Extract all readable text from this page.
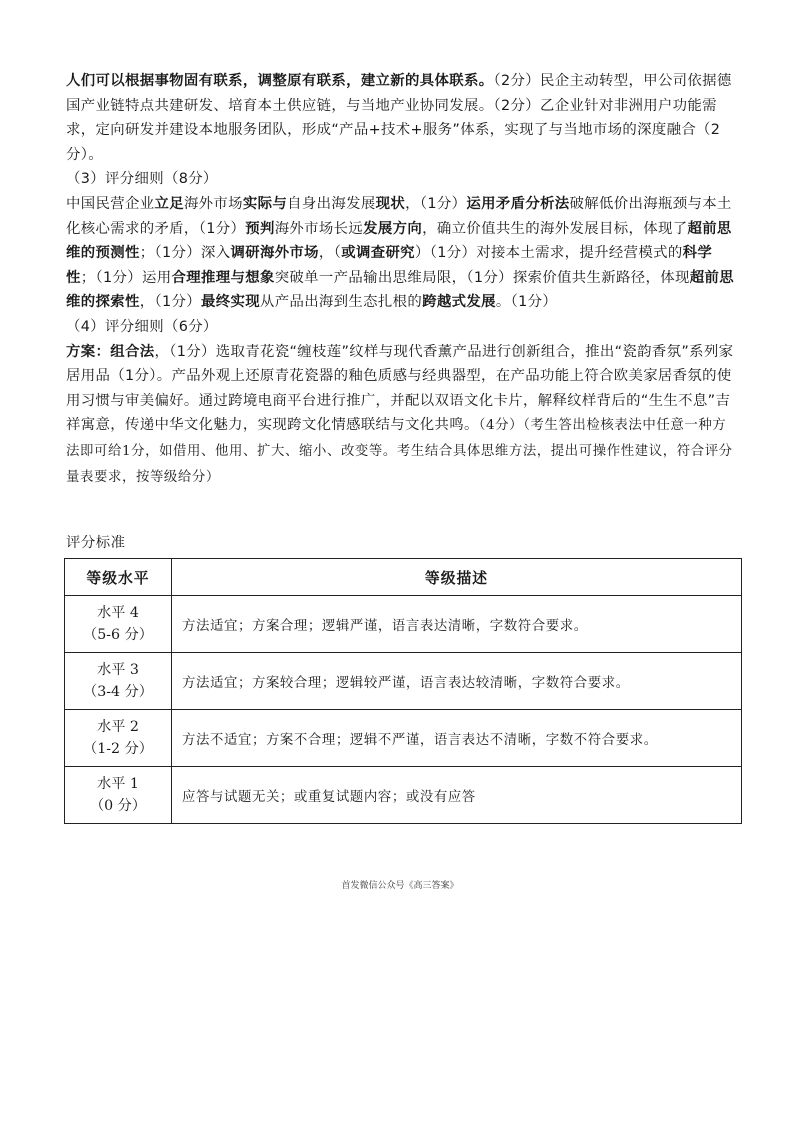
人们可以根据事物固有联系，调整原有联系，建立新的具体联系。（2分）民企主动转型，甲公司依据德国产业链特点共建研发、培育本土供应链，与当地产业协同发展。（2分）乙企业针对非洲用户功能需求，定向研发并建设本地服务团队，形成“产品+技术+服务”体系，实现了与当地市场的深度融合（2分）。

（3）评分细则（8分）

中国民营企业立足海外市场实际与自身出海发展现状，（1分）运用矛盾分析法破解低价出海瓶颈与本土化核心需求的矛盾，（1分）预判海外市场长远发展方向，确立价值共生的海外发展目标，体现了超前思维的预测性；（1分）深入调研海外市场，（或调查研究）（1分）对接本土需求，提升经营模式的科学性；（1分）运用合理推理与想象突破单一产品输出思维局限，（1分）探索价值共生新路径，体现超前思维的探索性，（1分）最终实现从产品出海到生态扎根的跨越式发展。（1分）

（4）评分细则（6分）

方案：组合法，（1分）选取青花瓷“缠枝莲”纹样与现代香薰产品进行创新组合，推出“瓷韵香氛”系列家居用品（1分）。产品外观上还原青花瓷器的釉色质感与经典器型，在产品功能上符合欧美家居香氛的使用习惯与审美偏好。通过跨境电商平台进行推广，并配以双语文化卡片，解释纹样背后的“生生不息”吉祥寓意，传递中华文化魅力，实现跨文化情感联结与文化共鸣。（4分）（考生答出检核表法中任意一种方法即可给1分，如借用、他用、扩大、缩小、改变等。考生结合具体思维方法，提出可操作性建议，符合评分量表要求，按等级给分）

评分标准
等级水平	等级描述

水平 4
（5-6 分）	方法适宜；方案合理；逻辑严谨，语言表达清晰，字数符合要求。

水平 3
（3-4 分）	方法适宜；方案较合理；逻辑较严谨，语言表达较清晰，字数符合要求。

水平 2
（1-2 分）	方法不适宜；方案不合理；逻辑不严谨，语言表达不清晰，字数不符合要求。

水平 1
（0 分）	应答与试题无关；或重复试题内容；或没有应答
首发微信公众号《高三答案》
